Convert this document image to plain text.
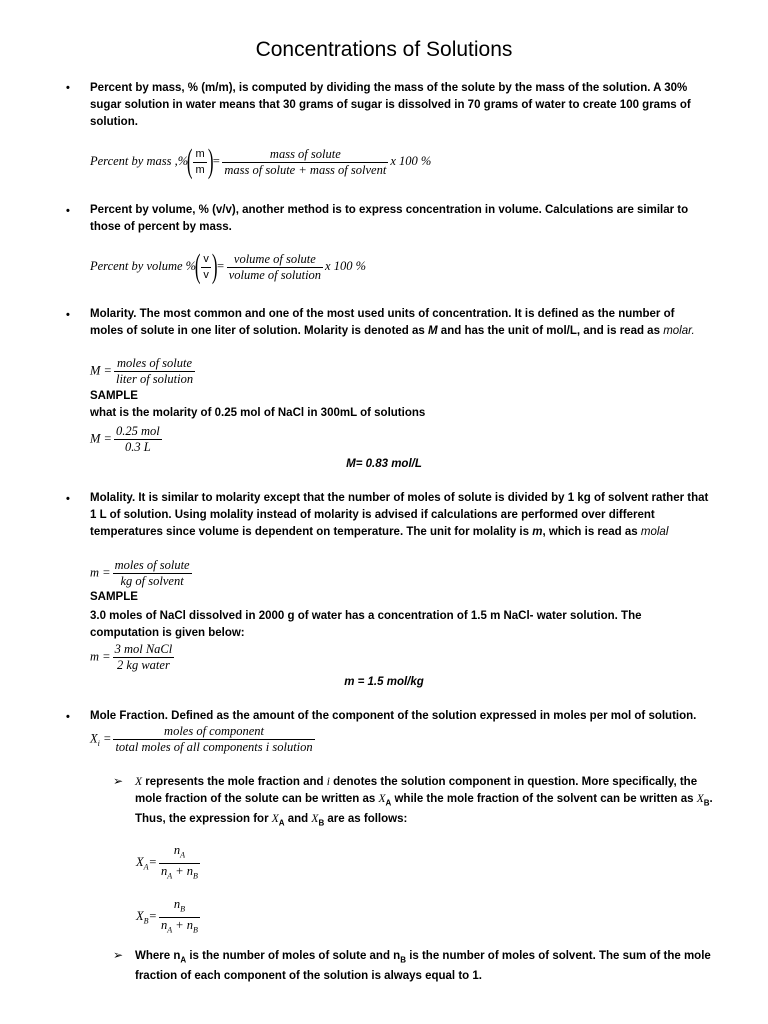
Concentrations of Solutions
• Percent by mass, % (m/m), is computed by dividing the mass of the solute by the mass of the solution. A 30% sugar solution in water means that 30 grams of sugar is dissolved in 70 grams of water to create 100 grams of solution.
Percent by mass ,%( $\frac{m}{m}$ )= $\frac{\text{mass of solute}}{\text{mass of solute + mass of solvent}}$ x 100 %
• Percent by volume, % (v/v), another method is to express concentration in volume. Calculations are similar to those of percent by mass.
Percent by volume %( $\frac{v}{v}$ )= $\frac{\text{volume of solute}}{\text{volume of solution}}$ x 100 %
• Molarity. The most common and one of the most used units of concentration. It is defined as the number of moles of solute in one liter of solution. Molarity is denoted as M and has the unit of mol/L, and is read as molar.
$M = \frac{\text{moles of solute}}{\text{liter of solution}}$
SAMPLE
what is the molarity of 0.25 mol of NaCl in 300mL of solutions
$M = \frac{\text{0.25 mol}}{0.3 L}$
M= 0.83 mol/L
• Molality. It is similar to molarity except that the number of moles of solute is divided by 1 kg of solvent rather that 1 L of solution. Using molality instead of molarity is advised if calculations are performed over different temperatures since volume is dependent on temperature. The unit for molality is m, which is read as molal
$m = \frac{\text{moles of solute}}{\text{kg of solvent}}$
SAMPLE
3.0 moles of NaCl dissolved in 2000 g of water has a concentration of 1.5 m NaCl- water solution. The computation is given below:
$m = \frac{\text{3 mol NaCl}}{\text{2 kg water}}$
m = 1.5 mol/kg
• Mole Fraction. Defined as the amount of the component of the solution expressed in moles per mol of solution.
$X_i = \frac{\text{moles of component}}{\text{total moles of all components i solution}}$
➢ X represents the mole fraction and i denotes the solution component in question. More specifically, the mole fraction of the solute can be written as $X_A$ while the mole fraction of the solvent can be written as $X_B$. Thus, the expression for $X_A$ and $X_B$ are as follows:
$X_A= \frac{n_A}{n_A + n_B}$
$X_B= \frac{n_B}{n_A + n_B}$
➢ Where $n_A$ is the number of moles of solute and $n_B$ is the number of moles of solvent. The sum of the mole fraction of each component of the solution is always equal to 1.
